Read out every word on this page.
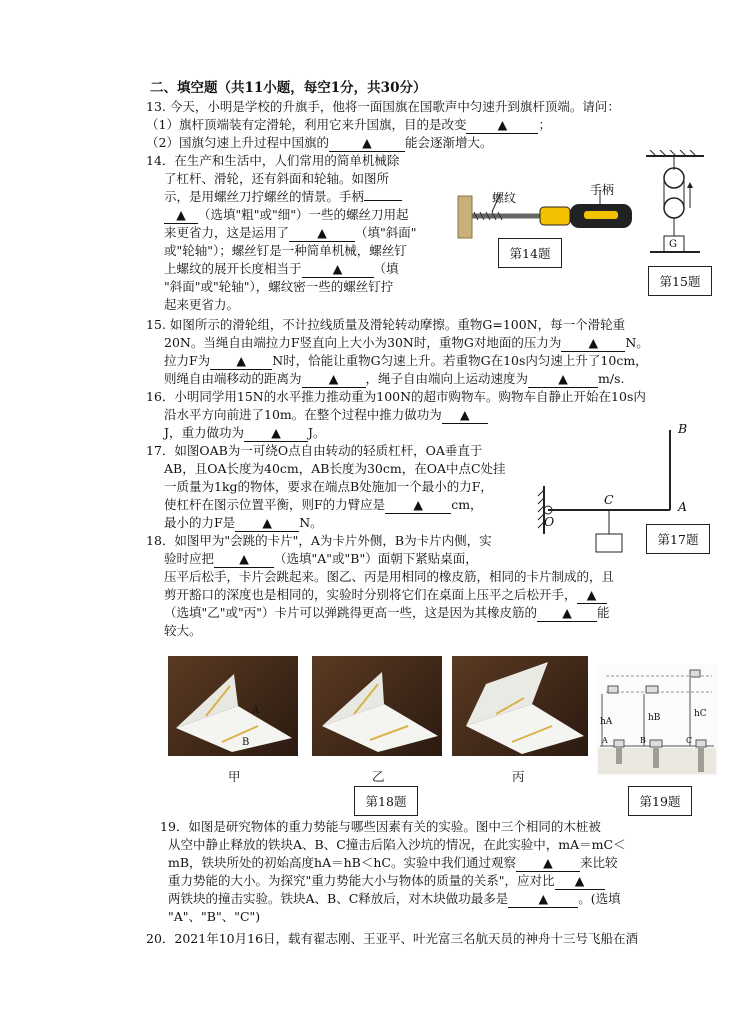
二、填空题（共11小题，每空1分，共30分）
13. 今天，小明是学校的升旗手，他将一面国旗在国歌声中匀速升到旗杆顶端。请问：
（1）旗杆顶端装有定滑轮，利用它来升国旗，目的是改变 ▲ ；
（2）国旗匀速上升过程中国旗的	▲	能会逐渐增大。
14．在生产和生活中，人们常用的简单机械除
了杠杆、滑轮，还有斜面和轮轴。如图所
示，是用螺丝刀拧螺丝的情景。手柄
▲ （选填"粗"或"细"）一些的螺丝刀用起
来更省力，这是运用了 ▲ （填"斜面"
或"轮轴"）；螺丝钉是一种简单机械，螺丝钉
上螺纹的展开长度相当于 ▲ （填
"斜面"或"轮轴"），螺纹密一些的螺丝钉拧
起来更省力。
螺纹
手柄
第14题
G
第15题
15. 如图所示的滑轮组，不计拉线质量及滑轮转动摩擦。重物G=100N，每一个滑轮重
20N。当绳自由端拉力F竖直向上大小为30N时，重物G对地面的压力为 ▲ N。
拉力F为 ▲ N时，恰能让重物G匀速上升。若重物G在10s内匀速上升了10cm，
则绳自由端移动的距离为 ▲ ，绳子自由端向上运动速度为 ▲ m/s.
16．小明同学用15N的水平推力推动重为100N的超市购物车。购物车自静止开始在10s内
沿水平方向前进了10m。在整个过程中推力做功为 ▲
J，重力做功为 ▲ J。
17．如图OAB为一可绕O点自由转动的轻质杠杆，OA垂直于
AB，且OA长度为40cm，AB长度为30cm，在OA中点C处挂
一质量为1kg的物体，要求在端点B处施加一个最小的力F，
使杠杆在图示位置平衡，则F的力臂应是 ▲ cm，
最小的力F是 ▲ N。
B
C	A
O
第17题
18．如图甲为"会跳的卡片"，A为卡片外侧，B为卡片内侧，实
验时应把 ▲ （选填"A"或"B"）面朝下紧贴桌面，
压平后松手，卡片会跳起来。图乙、丙是用相同的橡皮筋，相同的卡片制成的，且
剪开豁口的深度也是相同的，实验时分别将它们在桌面上压平之后松开手， ▲
（选填"乙"或"丙"）卡片可以弹跳得更高一些，这是因为其橡皮筋的 ▲ 能
较大。
A
B
hA	hB	hC
A	B	C
甲	乙	丙
第18题	第19题
19．如图是研究物体的重力势能与哪些因素有关的实验。图中三个相同的木桩被
从空中静止释放的铁块A、B、C撞击后陷入沙坑的情况，在此实验中，mA＝mC＜
mB，铁块所处的初始高度hA＝hB＜hC。实验中我们通过观察 ▲ 来比较
重力势能的大小。为探究"重力势能大小与物体的质量的关系"，应对比 ▲
两铁块的撞击实验。铁块A、B、C释放后，对木块做功最多是 ▲ 。(选填
"A"、"B"、"C")
20．2021年10月16日，载有翟志刚、王亚平、叶光富三名航天员的神舟十三号飞船在酒
